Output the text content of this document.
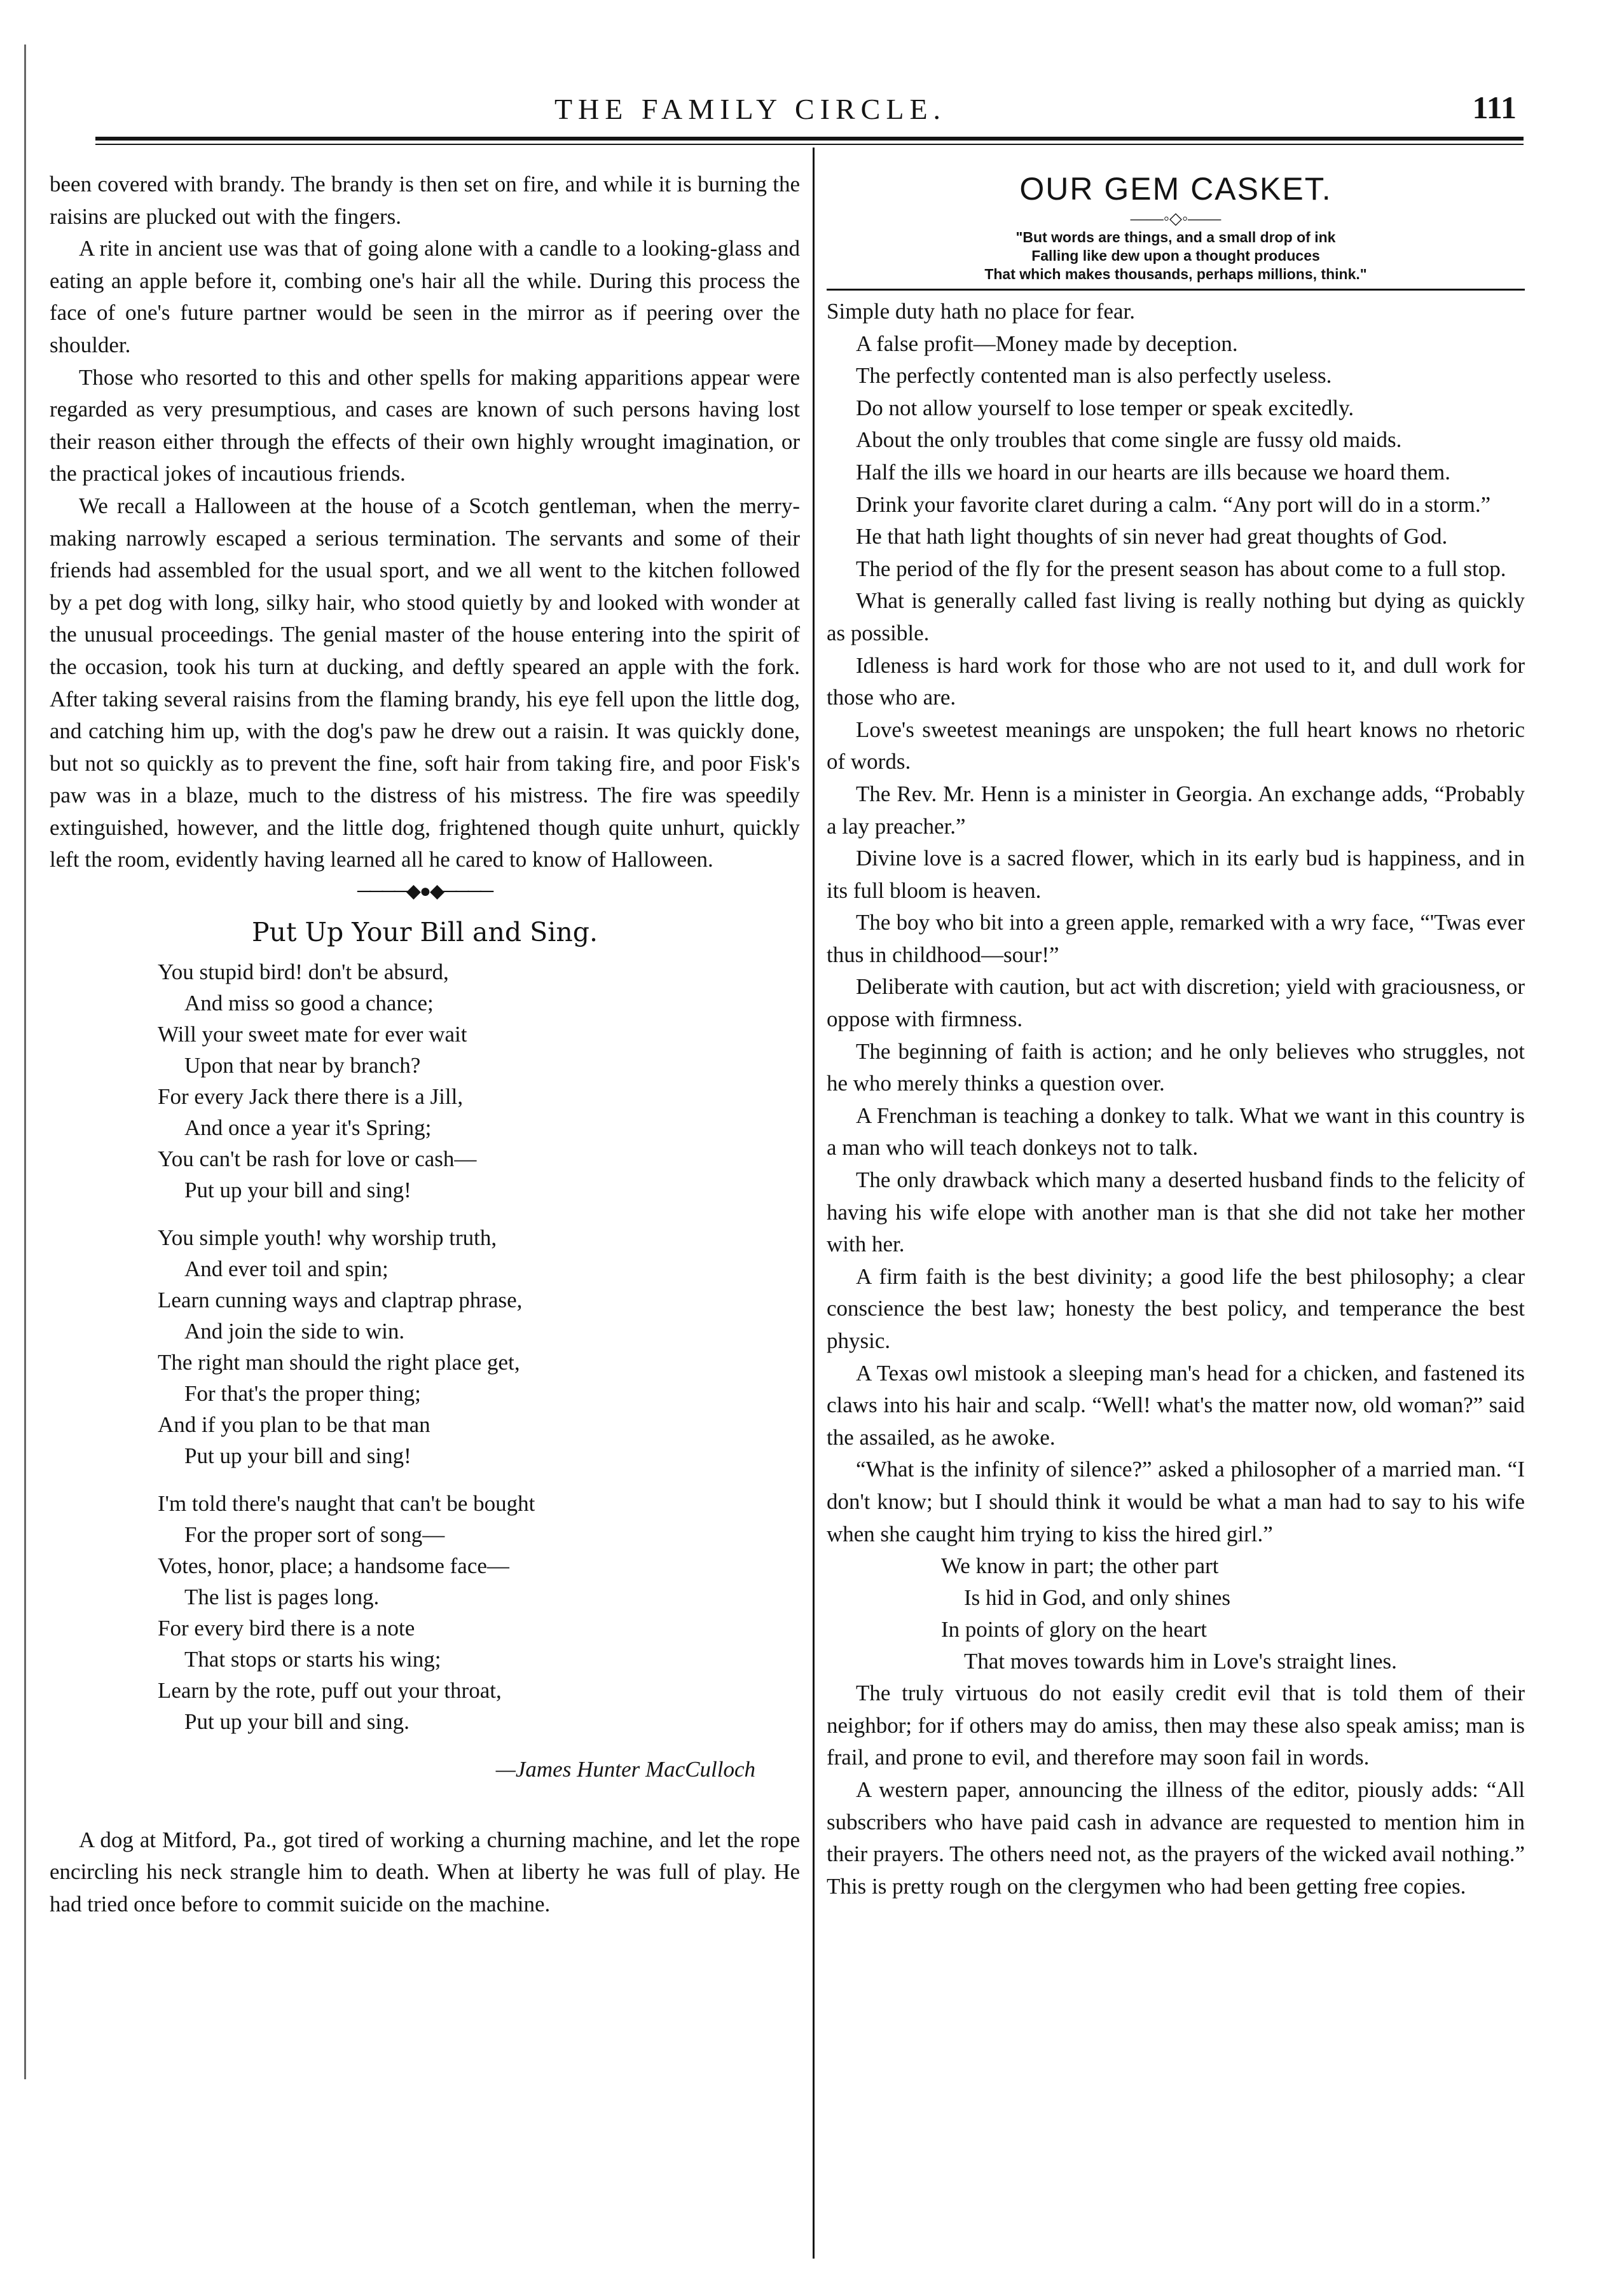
THE FAMILY CIRCLE.	111

been covered with brandy. The brandy is then set on fire, and while it is burning the raisins are plucked out with the fingers.

A rite in ancient use was that of going alone with a candle to a looking-glass and eating an apple before it, combing one's hair all the while. During this process the face of one's future partner would be seen in the mirror as if peering over the shoulder.

Those who resorted to this and other spells for making apparitions appear were regarded as very presumptious, and cases are known of such persons having lost their reason either through the effects of their own highly wrought imagination, or the practical jokes of incautious friends.

We recall a Halloween at the house of a Scotch gentleman, when the merry-making narrowly escaped a serious termination. The servants and some of their friends had assembled for the usual sport, and we all went to the kitchen followed by a pet dog with long, silky hair, who stood quietly by and looked with wonder at the unusual proceedings. The genial master of the house entering into the spirit of the occasion, took his turn at ducking, and deftly speared an apple with the fork. After taking several raisins from the flaming brandy, his eye fell upon the little dog, and catching him up, with the dog's paw he drew out a raisin. It was quickly done, but not so quickly as to prevent the fine, soft hair from taking fire, and poor Fisk's paw was in a blaze, much to the distress of his mistress. The fire was speedily extinguished, however, and the little dog, frightened though quite unhurt, quickly left the room, evidently having learned all he cared to know of Halloween.

────◆●◆────
Put Up Your Bill and Sing.
You stupid bird! don't be absurd,
And miss so good a chance;
Will your sweet mate for ever wait
Upon that near by branch?
For every Jack there there is a Jill,
And once a year it's Spring;
You can't be rash for love or cash—
Put up your bill and sing!
You simple youth! why worship truth,
And ever toil and spin;
Learn cunning ways and claptrap phrase,
And join the side to win.
The right man should the right place get,
For that's the proper thing;
And if you plan to be that man
Put up your bill and sing!
I'm told there's naught that can't be bought
For the proper sort of song—
Votes, honor, place; a handsome face—
The list is pages long.
For every bird there is a note
That stops or starts his wing;
Learn by the rote, puff out your throat,
Put up your bill and sing.
—James Hunter MacCulloch

A dog at Mitford, Pa., got tired of working a churning machine, and let the rope encircling his neck strangle him to death. When at liberty he was full of play. He had tried once before to commit suicide on the machine.

OUR GEM CASKET.
——◦◇◦——
"But words are things, and a small drop of ink
Falling like dew upon a thought produces
That which makes thousands, perhaps millions, think."

Simple duty hath no place for fear.

A false profit—Money made by deception.

The perfectly contented man is also perfectly useless.

Do not allow yourself to lose temper or speak excitedly.

About the only troubles that come single are fussy old maids.

Half the ills we hoard in our hearts are ills because we hoard them.

Drink your favorite claret during a calm. “Any port will do in a storm.”

He that hath light thoughts of sin never had great thoughts of God.

The period of the fly for the present season has about come to a full stop.

What is generally called fast living is really nothing but dying as quickly as possible.

Idleness is hard work for those who are not used to it, and dull work for those who are.

Love's sweetest meanings are unspoken; the full heart knows no rhetoric of words.

The Rev. Mr. Henn is a minister in Georgia. An exchange adds, “Probably a lay preacher.”

Divine love is a sacred flower, which in its early bud is happiness, and in its full bloom is heaven.

The boy who bit into a green apple, remarked with a wry face, “'Twas ever thus in childhood—sour!”

Deliberate with caution, but act with discretion; yield with graciousness, or oppose with firmness.

The beginning of faith is action; and he only believes who struggles, not he who merely thinks a question over.

A Frenchman is teaching a donkey to talk. What we want in this country is a man who will teach donkeys not to talk.

The only drawback which many a deserted husband finds to the felicity of having his wife elope with another man is that she did not take her mother with her.

A firm faith is the best divinity; a good life the best philosophy; a clear conscience the best law; honesty the best policy, and temperance the best physic.

A Texas owl mistook a sleeping man's head for a chicken, and fastened its claws into his hair and scalp. “Well! what's the matter now, old woman?” said the assailed, as he awoke.

“What is the infinity of silence?” asked a philosopher of a married man. “I don't know; but I should think it would be what a man had to say to his wife when she caught him trying to kiss the hired girl.”

We know in part; the other part
Is hid in God, and only shines
In points of glory on the heart
That moves towards him in Love's straight lines.

The truly virtuous do not easily credit evil that is told them of their neighbor; for if others may do amiss, then may these also speak amiss; man is frail, and prone to evil, and therefore may soon fail in words.

A western paper, announcing the illness of the editor, piously adds: “All subscribers who have paid cash in advance are requested to mention him in their prayers. The others need not, as the prayers of the wicked avail nothing.” This is pretty rough on the clergymen who had been getting free copies.
